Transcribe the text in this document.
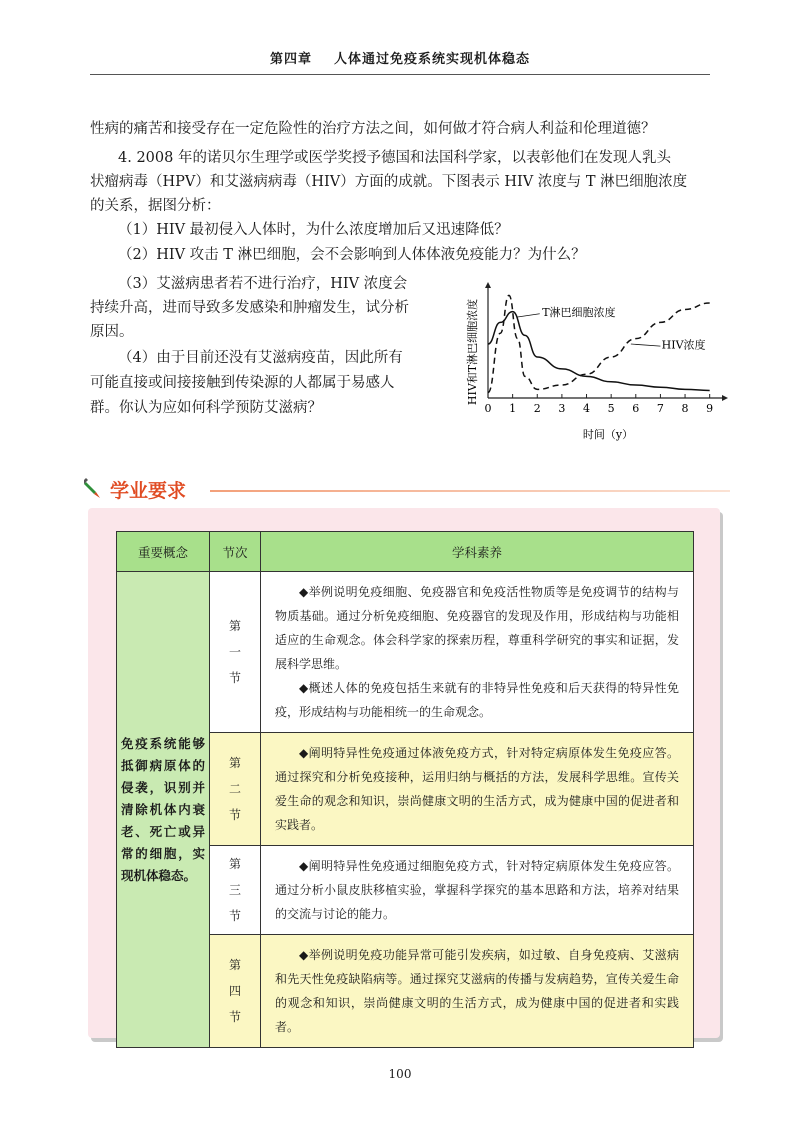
第四章 人体通过免疫系统实现机体稳态

性病的痛苦和接受存在一定危险性的治疗方法之间，如何做才符合病人利益和伦理道德？

4. 2008 年的诺贝尔生理学或医学奖授予德国和法国科学家，以表彰他们在发现人乳头

状瘤病毒（HPV）和艾滋病病毒（HIV）方面的成就。下图表示 HIV 浓度与 T 淋巴细胞浓度

的关系，据图分析：

（1）HIV 最初侵入人体时，为什么浓度增加后又迅速降低？

（2）HIV 攻击 T 淋巴细胞，会不会影响到人体体液免疫能力？为什么？

（3）艾滋病患者若不进行治疗，HIV 浓度会

持续升高，进而导致多发感染和肿瘤发生，试分析

原因。

（4）由于目前还没有艾滋病疫苗，因此所有

可能直接或间接接触到传染源的人都属于易感人

群。你认为应如何科学预防艾滋病？

HIV和T淋巴细胞浓度
时间（y）
0 1 2 3 4 5 6 7 8 9
T淋巴细胞浓度
HIV浓度
学业要求
重要概念	节次	学科素养
免疫系统能够抵御病原体的侵袭，识别并清除机体内衰老、死亡或异常的细胞，实现机体稳态。	第一节	◆举例说明免疫细胞、免疫器官和免疫活性物质等是免疫调节的结构与物质基础。通过分析免疫细胞、免疫器官的发现及作用，形成结构与功能相适应的生命观念。体会科学家的探索历程，尊重科学研究的事实和证据，发展科学思维。

◆概述人体的免疫包括生来就有的非特异性免疫和后天获得的特异性免疫，形成结构与功能相统一的生命观念。

	第二节	◆阐明特异性免疫通过体液免疫方式，针对特定病原体发生免疫应答。通过探究和分析免疫接种，运用归纳与概括的方法，发展科学思维。宣传关爱生命的观念和知识，崇尚健康文明的生活方式，成为健康中国的促进者和实践者。

	第三节	◆阐明特异性免疫通过细胞免疫方式，针对特定病原体发生免疫应答。通过分析小鼠皮肤移植实验，掌握科学探究的基本思路和方法，培养对结果的交流与讨论的能力。

	第四节	◆举例说明免疫功能异常可能引发疾病，如过敏、自身免疫病、艾滋病和先天性免疫缺陷病等。通过探究艾滋病的传播与发病趋势，宣传关爱生命的观念和知识，崇尚健康文明的生活方式，成为健康中国的促进者和实践者。

100
